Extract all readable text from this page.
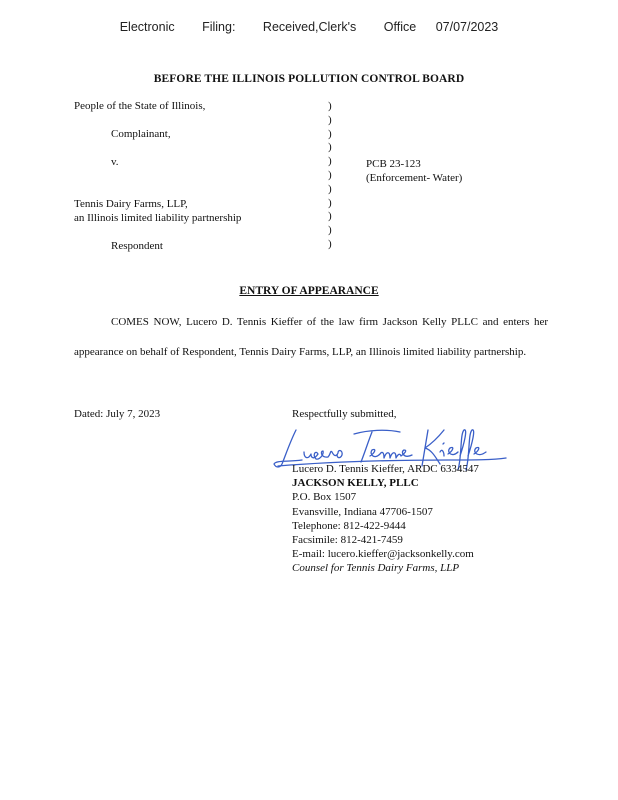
Electronic Filing: Received,Clerk's Office 07/07/2023
BEFORE THE ILLINOIS POLLUTION CONTROL BOARD
People of the State of Illinois,
Complainant,
v.
Tennis Dairy Farms, LLP,
an Illinois limited liability partnership
Respondent
PCB 23-123
(Enforcement- Water)
)
)
)
)
)
)
)
)
)
)
)
ENTRY OF APPEARANCE
COMES NOW, Lucero D. Tennis Kieffer of the law firm Jackson Kelly PLLC and enters her appearance on behalf of Respondent, Tennis Dairy Farms, LLP, an Illinois limited liability partnership.
Dated: July 7, 2023	Respectfully submitted,
Lucero D. Tennis Kieffer, ARDC 6334547
JACKSON KELLY, PLLC
P.O. Box 1507
Evansville, Indiana 47706-1507
Telephone: 812-422-9444
Facsimile: 812-421-7459
E-mail: lucero.kieffer@jacksonkelly.com
Counsel for Tennis Dairy Farms, LLP
